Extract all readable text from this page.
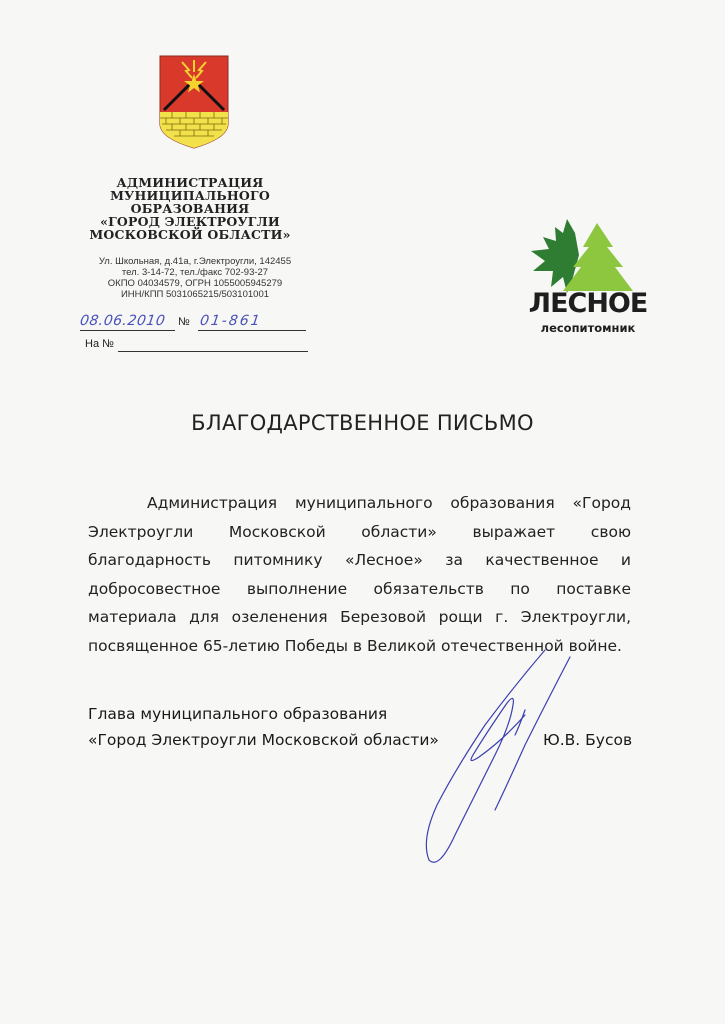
АДМИНИСТРАЦИЯ
МУНИЦИПАЛЬНОГО
ОБРАЗОВАНИЯ
«ГОРОД ЭЛЕКТРОУГЛИ
МОСКОВСКОЙ ОБЛАСТИ»
Ул. Школьная, д.41а, г.Электроугли, 142455
тел. 3-14-72, тел./факс 702-93-27
ОКПО 04034579, ОГРН 1055005945279
ИНН/КПП 5031065215/503101001
08.06.2010	№ 01-861
На №
ЛЕСНОЕ
лесопитомник
БЛАГОДАРСТВЕННОЕ ПИСЬМО

Администрация муниципального образования «Город Электроугли Московской области» выражает свою благодарность питомнику «Лесное» за качественное и добросовестное выполнение обязательств по поставке материала для озеленения Березовой рощи г. Электроугли, посвященное 65-летию Победы в Великой отечественной войне.

Глава муниципального образования
«Город Электроугли Московской области»	Ю.В. Бусов
